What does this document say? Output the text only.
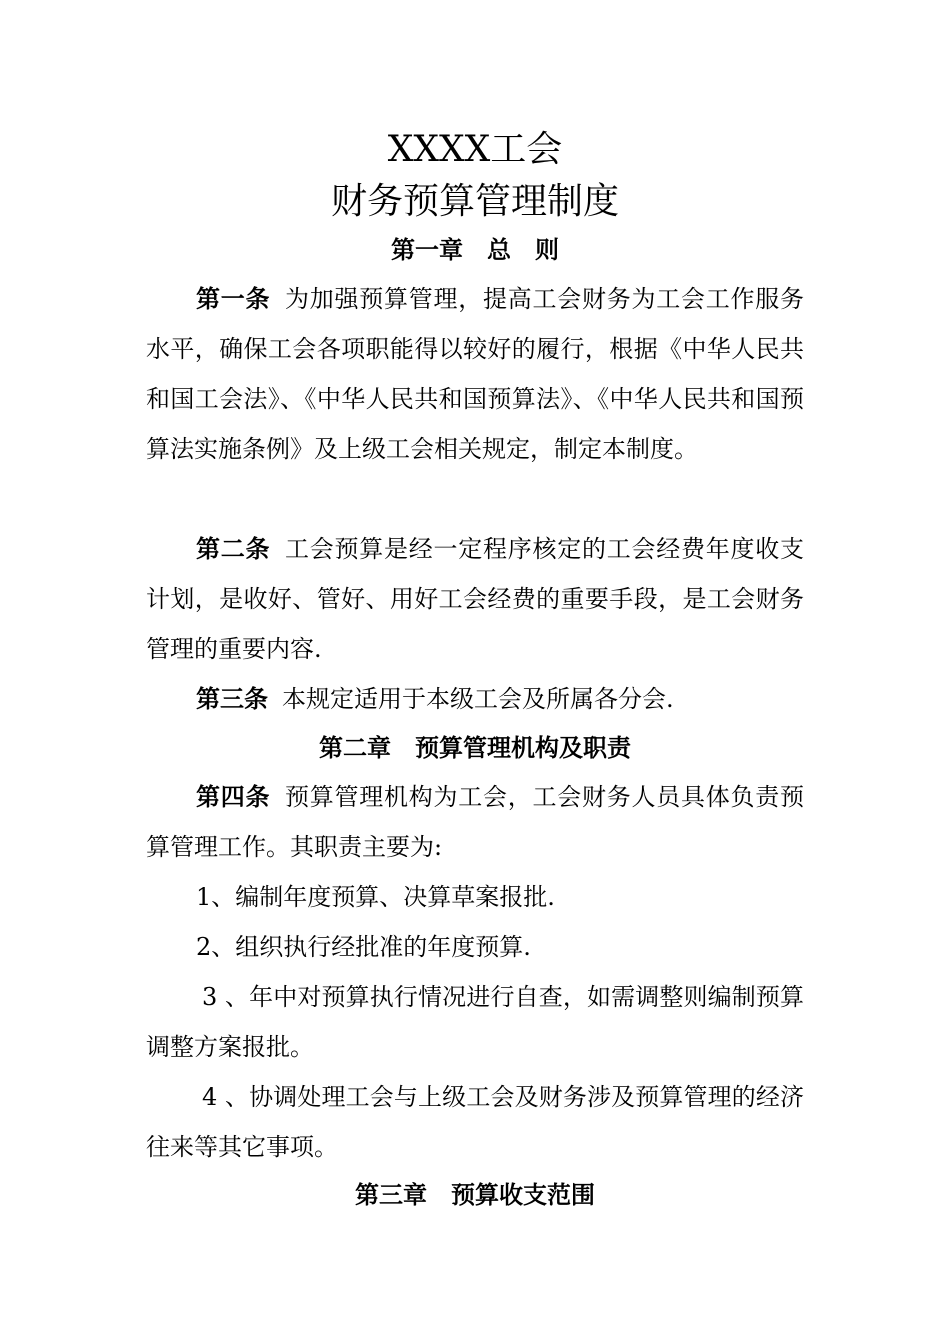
XXXX工会
财务预算管理制度
第一章　总　则

第一条 为加强预算管理，提高工会财务为工会工作服务水平，确保工会各项职能得以较好的履行，根据《中华人民共和国工会法》、《中华人民共和国预算法》、《中华人民共和国预算法实施条例》及上级工会相关规定，制定本制度。

第二条 工会预算是经一定程序核定的工会经费年度收支计划，是收好、管好、用好工会经费的重要手段，是工会财务管理的重要内容.

第三条 本规定适用于本级工会及所属各分会.

第二章　预算管理机构及职责

第四条 预算管理机构为工会，工会财务人员具体负责预算管理工作。其职责主要为:

1、编制年度预算、决算草案报批.

2、组织执行经批准的年度预算.

3 、年中对预算执行情况进行自查，如需调整则编制预算调整方案报批。

4 、协调处理工会与上级工会及财务涉及预算管理的经济往来等其它事项。

第三章　预算收支范围
